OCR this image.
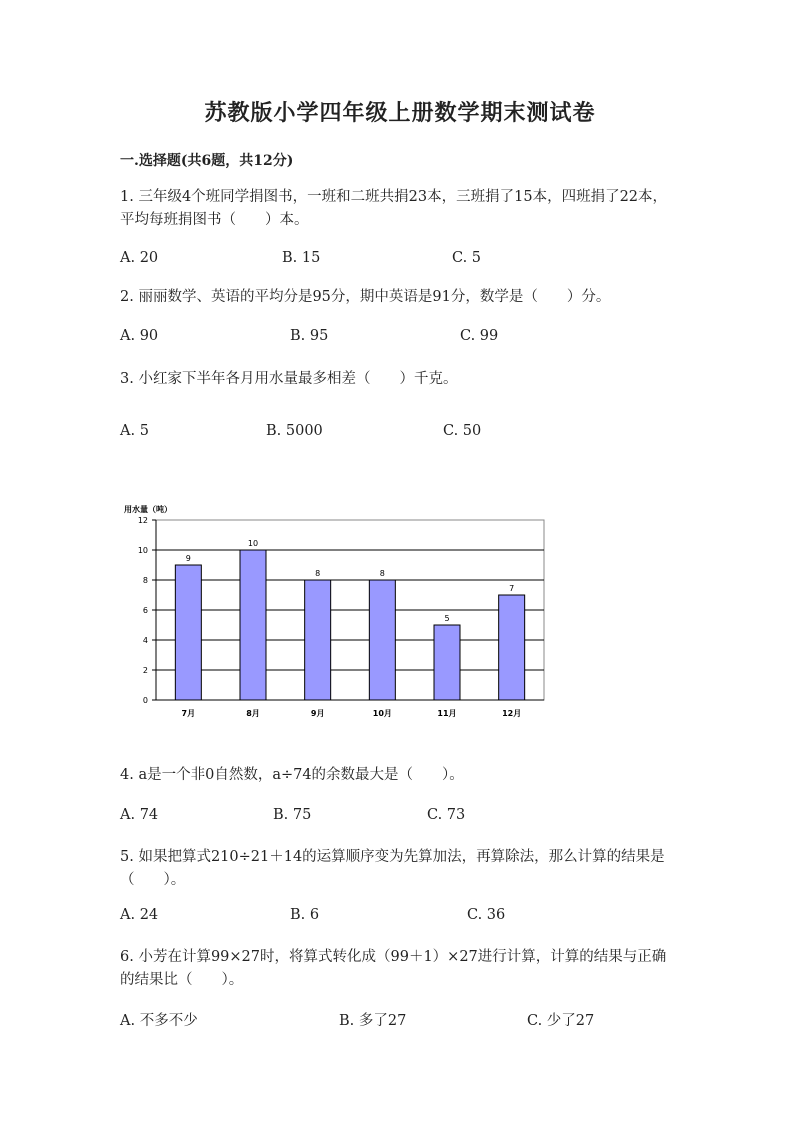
苏教版小学四年级上册数学期末测试卷
一.选择题(共6题，共12分)
1. 三年级4个班同学捐图书，一班和二班共捐23本，三班捐了15本，四班捐了22本，平均每班捐图书（　　）本。
A. 20	B. 15	C. 5
2. 丽丽数学、英语的平均分是95分，期中英语是91分，数学是（　　）分。
A. 90	B. 95	C. 99
3. 小红家下半年各月用水量最多相差（　　）千克。
A. 5	B. 5000	C. 50
用水量（吨）
0
2
4
6
8
10
12
9
7月
10
8月
8
9月
8
10月
5
11月
7
12月
4. a是一个非0自然数，a÷74的余数最大是（　　）。
A. 74	B. 75	C. 73
5. 如果把算式210÷21＋14的运算顺序变为先算加法，再算除法，那么计算的结果是（　　）。
A. 24	B. 6	C. 36
6. 小芳在计算99×27时，将算式转化成（99＋1）×27进行计算，计算的结果与正确的结果比（　　）。
A. 不多不少	B. 多了27	C. 少了27
